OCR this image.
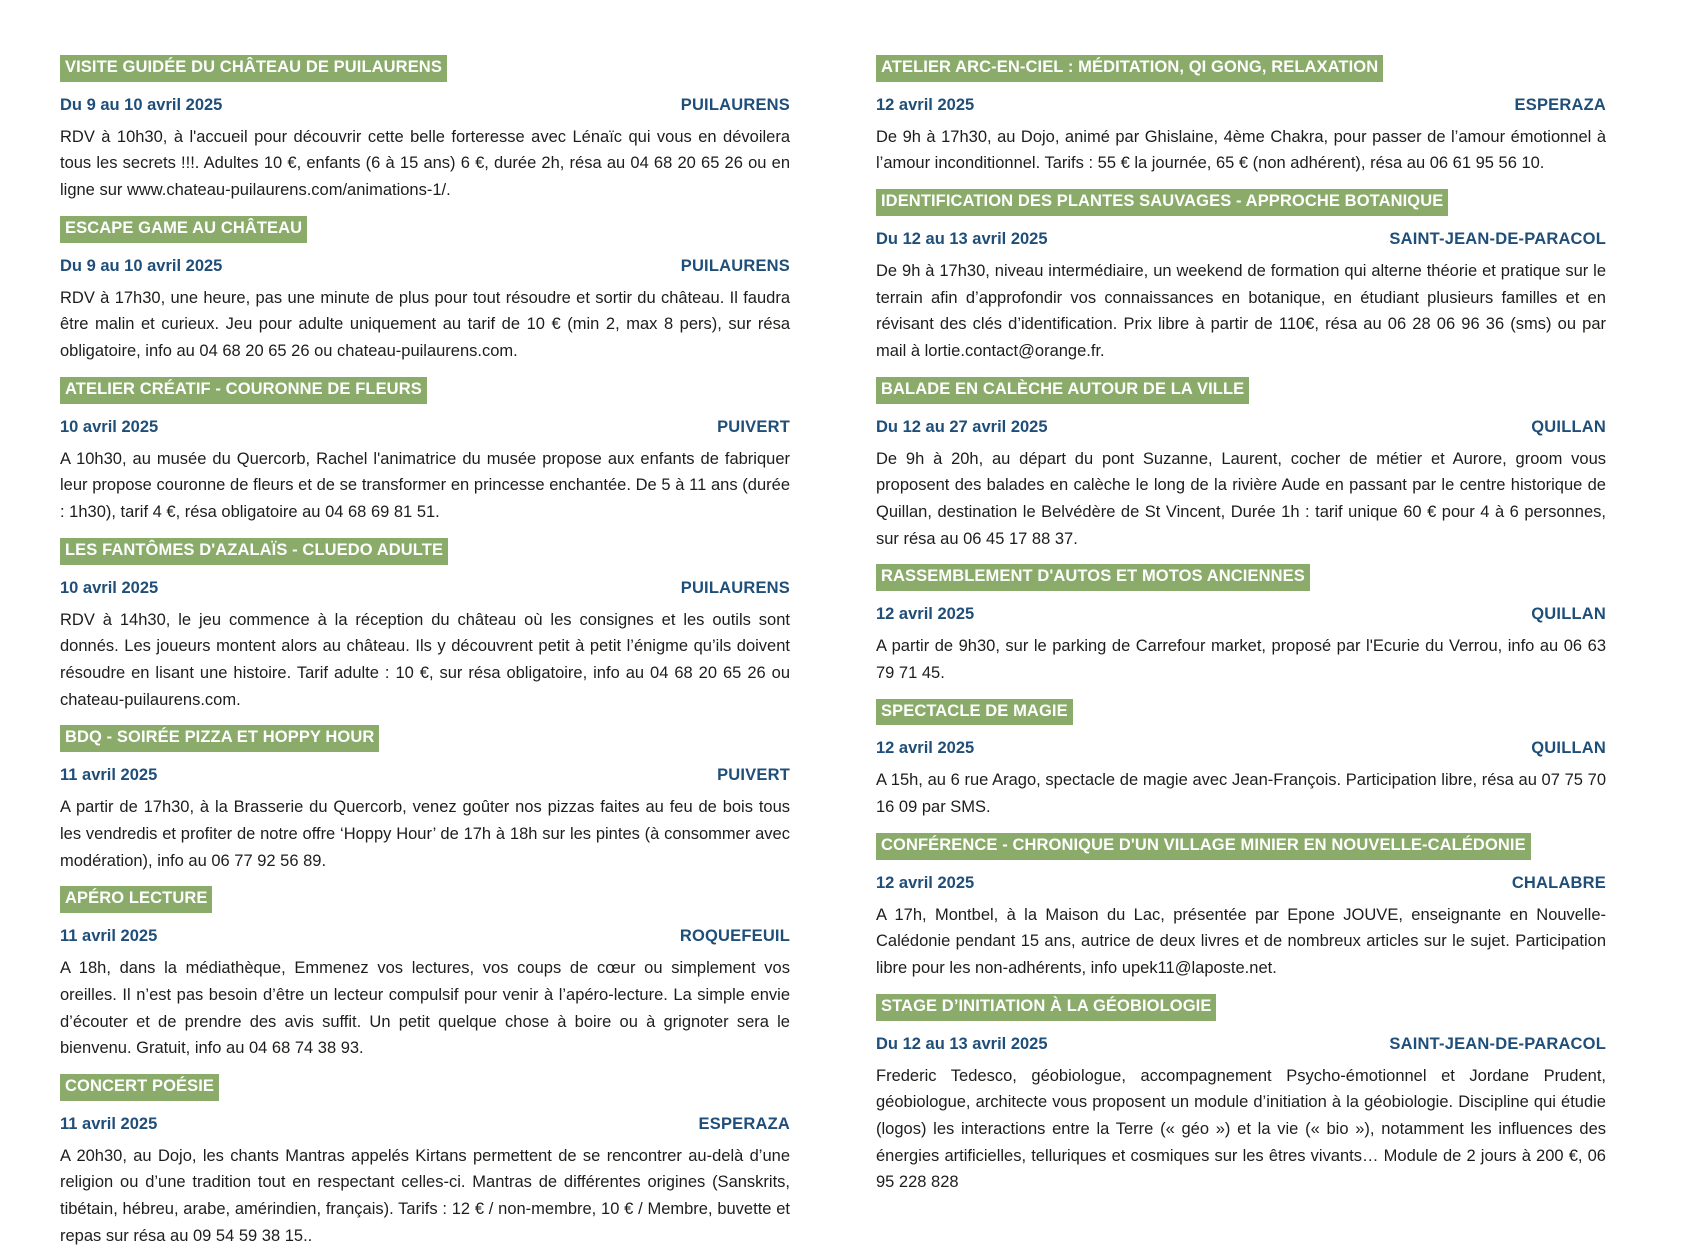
VISITE GUIDÉE DU CHÂTEAU DE PUILAURENS
Du 9 au 10 avril 2025	PUILAURENS

RDV à 10h30, à l'accueil pour découvrir cette belle forteresse avec Lénaïc qui vous en dévoilera tous les secrets !!!. Adultes 10 €, enfants (6 à 15 ans) 6 €, durée 2h, résa au 04 68 20 65 26 ou en ligne sur www.chateau-puilaurens.com/animations-1/.

ESCAPE GAME AU CHÂTEAU
Du 9 au 10 avril 2025	PUILAURENS

RDV à 17h30, une heure, pas une minute de plus pour tout résoudre et sortir du château. Il faudra être malin et curieux. Jeu pour adulte uniquement au tarif de 10 € (min 2, max 8 pers), sur résa obligatoire, info au 04 68 20 65 26 ou chateau-puilaurens.com.

ATELIER CRÉATIF - COURONNE DE FLEURS
10 avril 2025	PUIVERT

A 10h30, au musée du Quercorb, Rachel l'animatrice du musée propose aux enfants de fabriquer leur propose couronne de fleurs et de se transformer en princesse enchantée. De 5 à 11 ans (durée : 1h30), tarif 4 €, résa obligatoire au 04 68 69 81 51.

LES FANTÔMES D'AZALAÏS - CLUEDO ADULTE
10 avril 2025	PUILAURENS

RDV à 14h30, le jeu commence à la réception du château où les consignes et les outils sont donnés. Les joueurs montent alors au château. Ils y découvrent petit à petit l’énigme qu’ils doivent résoudre en lisant une histoire. Tarif adulte : 10 €, sur résa obligatoire, info au 04 68 20 65 26 ou chateau-puilaurens.com.

BDQ - SOIRÉE PIZZA ET HOPPY HOUR
11 avril 2025	PUIVERT

A partir de 17h30, à la Brasserie du Quercorb, venez goûter nos pizzas faites au feu de bois tous les vendredis et profiter de notre offre ‘Hoppy Hour’ de 17h à 18h sur les pintes (à consommer avec modération), info au 06 77 92 56 89.

APÉRO LECTURE
11 avril 2025	ROQUEFEUIL

A 18h, dans la médiathèque, Emmenez vos lectures, vos coups de cœur ou simplement vos oreilles. Il n’est pas besoin d’être un lecteur compulsif pour venir à l’apéro-lecture. La simple envie d’écouter et de prendre des avis suffit. Un petit quelque chose à boire ou à grignoter sera le bienvenu. Gratuit, info au 04 68 74 38 93.

CONCERT POÉSIE
11 avril 2025	ESPERAZA

A 20h30, au Dojo, les chants Mantras appelés Kirtans permettent de se rencontrer au-delà d’une religion ou d’une tradition tout en respectant celles-ci. Mantras de différentes origines (Sanskrits, tibétain, hébreu, arabe, amérindien, français). Tarifs : 12 € / non-membre, 10 € / Membre, buvette et repas sur résa au 09 54 59 38 15..

ATELIER ARC-EN-CIEL : MÉDITATION, QI GONG, RELAXATION
12 avril 2025	ESPERAZA

De 9h à 17h30, au Dojo, animé par Ghislaine, 4ème Chakra, pour passer de l’amour émotionnel à l’amour inconditionnel. Tarifs : 55 € la journée, 65 € (non adhérent), résa au 06 61 95 56 10.

IDENTIFICATION DES PLANTES SAUVAGES - APPROCHE BOTANIQUE
Du 12 au 13 avril 2025	SAINT-JEAN-DE-PARACOL

De 9h à 17h30, niveau intermédiaire, un weekend de formation qui alterne théorie et pratique sur le terrain afin d’approfondir vos connaissances en botanique, en étudiant plusieurs familles et en révisant des clés d’identification. Prix libre à partir de 110€, résa au 06 28 06 96 36 (sms) ou par mail à lortie.contact@orange.fr.

BALADE EN CALÈCHE AUTOUR DE LA VILLE
Du 12 au 27 avril 2025	QUILLAN

De 9h à 20h, au départ du pont Suzanne, Laurent, cocher de métier et Aurore, groom vous proposent des balades en calèche le long de la rivière Aude en passant par le centre historique de Quillan, destination le Belvédère de St Vincent, Durée 1h : tarif unique 60 € pour 4 à 6 personnes, sur résa au 06 45 17 88 37.

RASSEMBLEMENT D'AUTOS ET MOTOS ANCIENNES
12 avril 2025	QUILLAN

A partir de 9h30, sur le parking de Carrefour market, proposé par l'Ecurie du Verrou, info au 06 63 79 71 45.

SPECTACLE DE MAGIE
12 avril 2025	QUILLAN

A 15h, au 6 rue Arago, spectacle de magie avec Jean-François. Participation libre, résa au 07 75 70 16 09 par SMS.

CONFÉRENCE - CHRONIQUE D'UN VILLAGE MINIER EN NOUVELLE-CALÉDONIE
12 avril 2025	CHALABRE

A 17h, Montbel, à la Maison du Lac, présentée par Epone JOUVE, enseignante en Nouvelle-Calédonie pendant 15 ans, autrice de deux livres et de nombreux articles sur le sujet. Participation libre pour les non-adhérents, info upek11@laposte.net.

STAGE D’INITIATION À LA GÉOBIOLOGIE
Du 12 au 13 avril 2025	SAINT-JEAN-DE-PARACOL

Frederic Tedesco, géobiologue, accompagnement Psycho-émotionnel et Jordane Prudent, géobiologue, architecte vous proposent un module d’initiation à la géobiologie. Discipline qui étudie (logos) les interactions entre la Terre (« géo ») et la vie (« bio »), notamment les influences des énergies artificielles, telluriques et cosmiques sur les êtres vivants… Module de 2 jours à 200 €, 06 95 228 828
